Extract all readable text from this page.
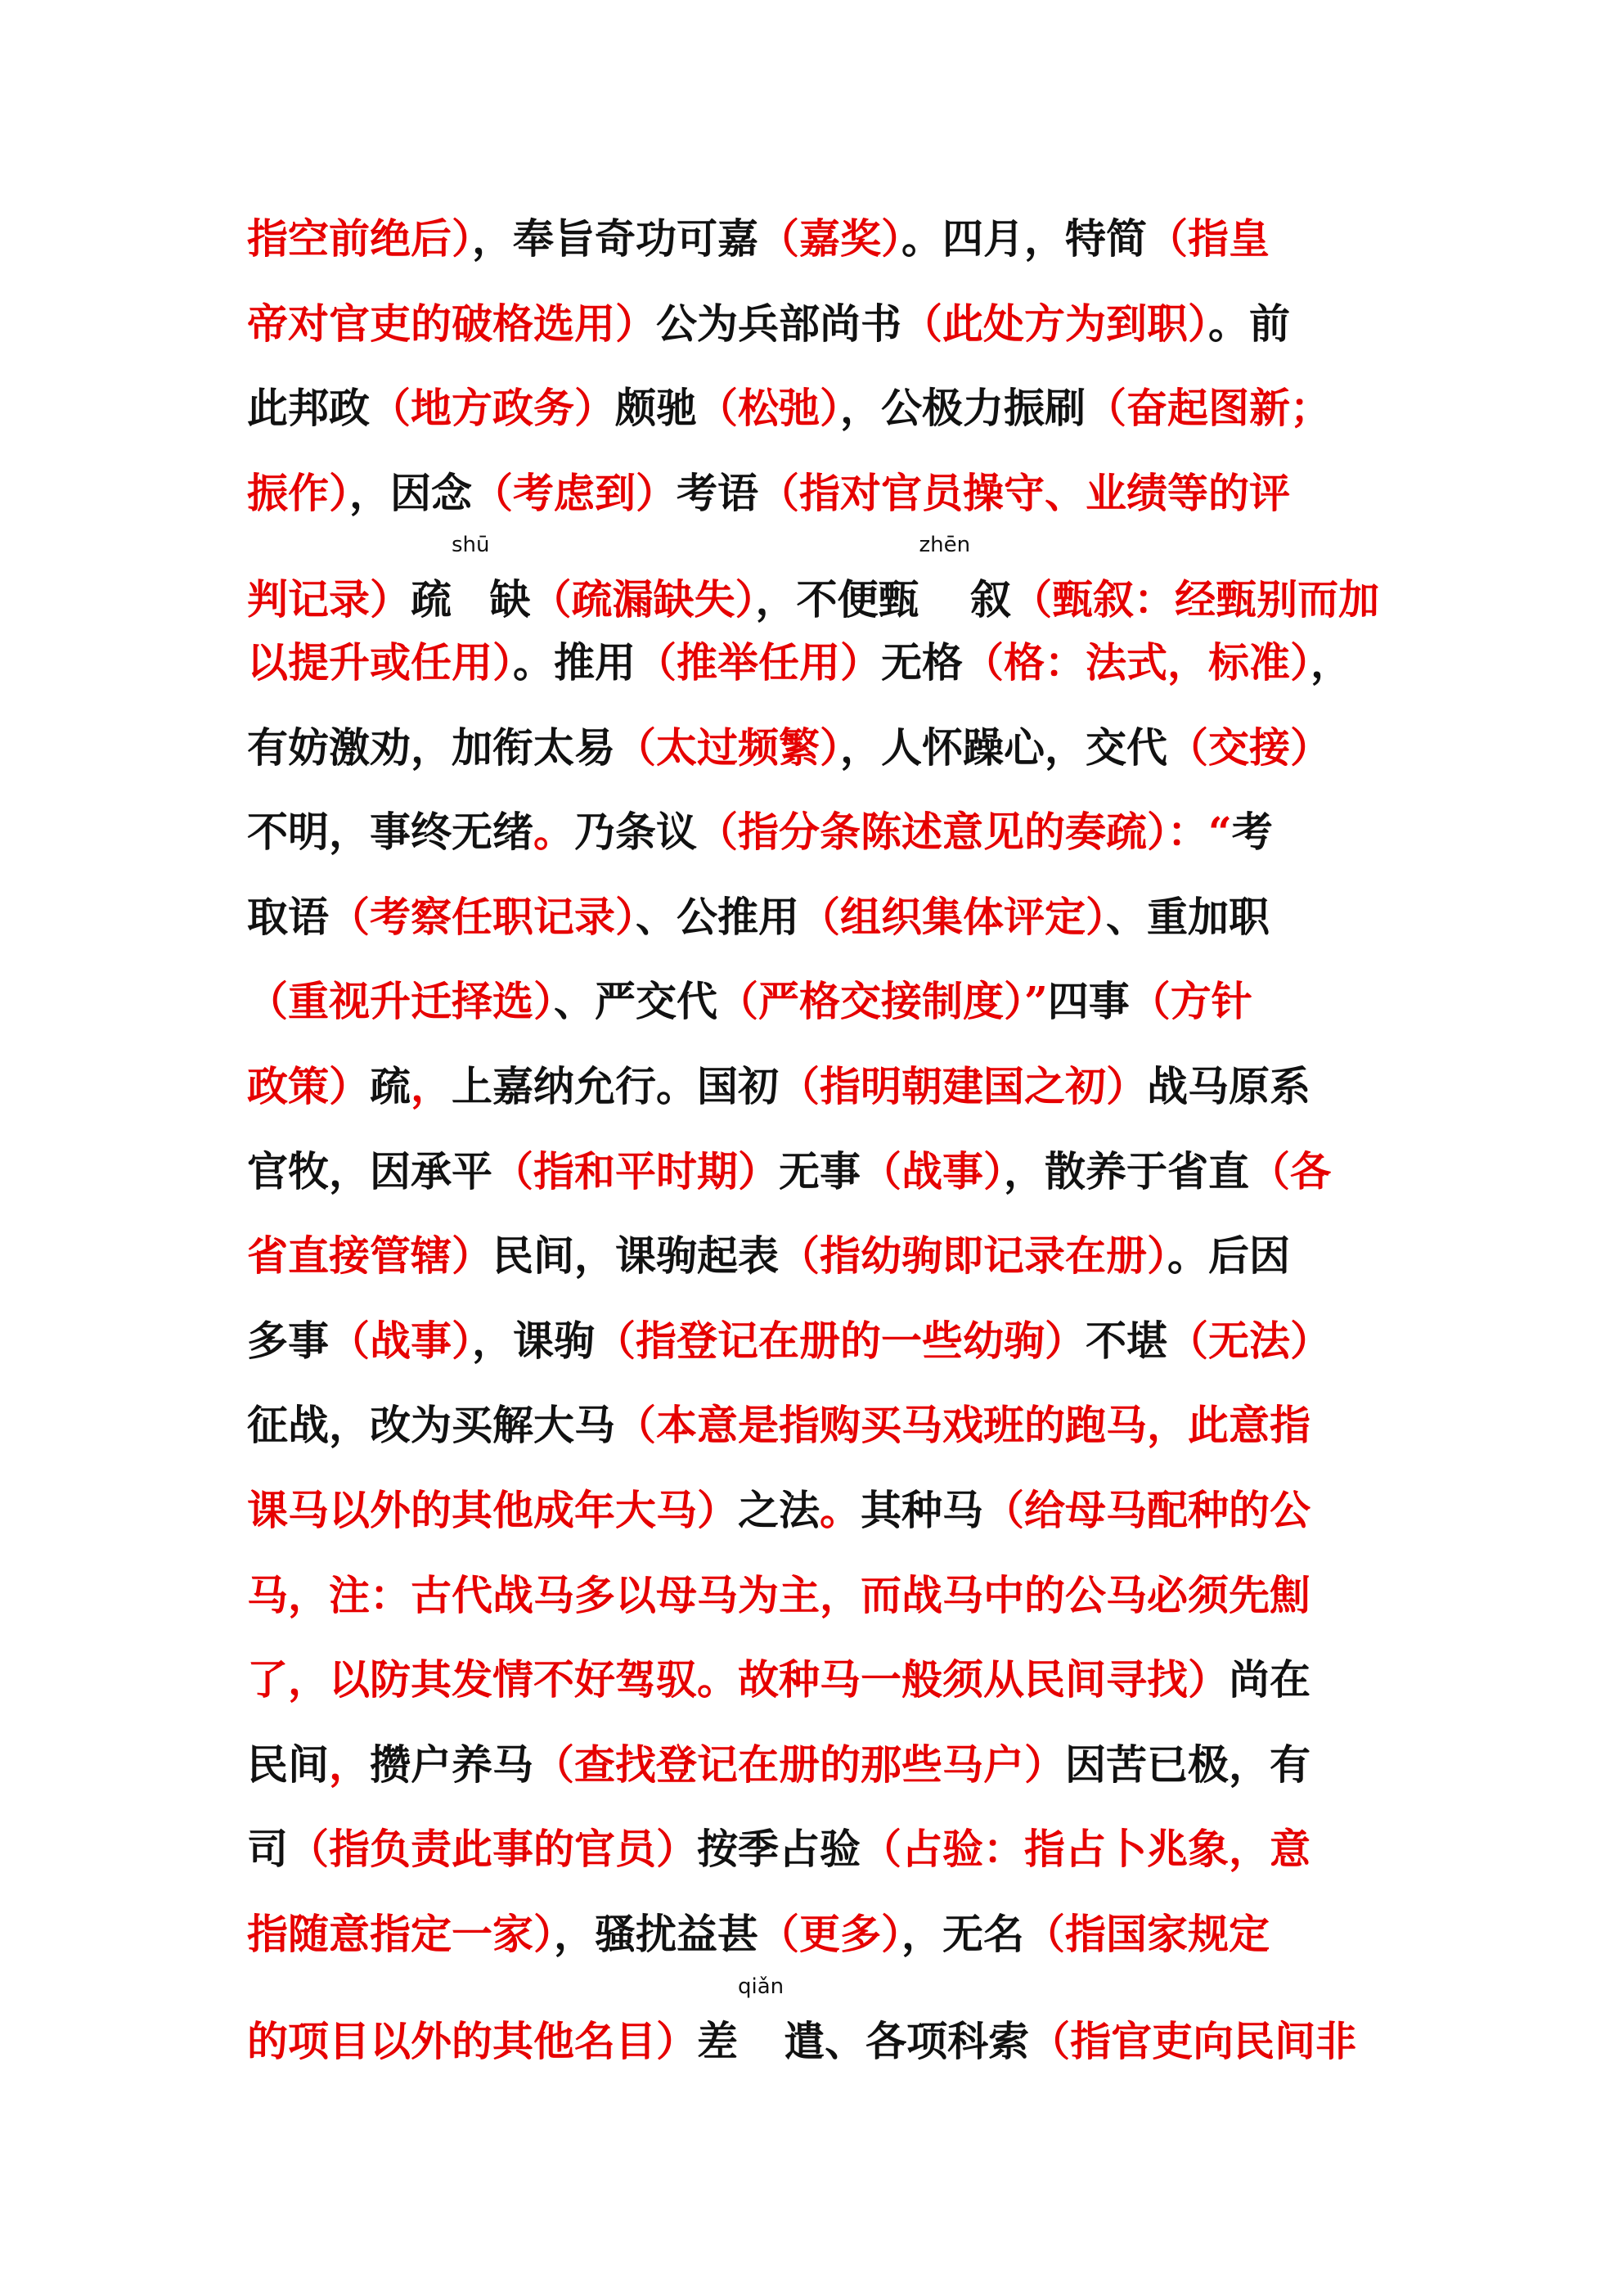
指空前绝后），奉旨奇功可嘉（嘉奖）。四月，特简（指皇
帝对官吏的破格选用）公为兵部尚书（此处方为到职）。前
此邦政（地方政务）颇驰（松弛），公极力振刷（奋起图新；
振作），因念（考虑到）考语（指对官员操守、业绩等的评
判记录）疏shū缺（疏漏缺失），不便甄zhēn叙（甄叙：经甄别而加
以提升或任用）。推用（推举任用）无格（格：法式，标准），
有妨激劝，加衔太易（太过频繁），人怀躁心，交代（交接）
不明，事终无绪。乃条议（指分条陈述意见的奏疏）：“考
取语（考察任职记录）、公推用（组织集体评定）、重加职
（重视升迁择选）、严交代（严格交接制度）”四事（方针
政策）疏，上嘉纳允行。国初（指明朝建国之初）战马原系
官牧，因承平（指和平时期）无事（战事），散养于省直（各
省直接管辖）民间，课驹起表（指幼驹即记录在册）。后因
多事（战事），课驹（指登记在册的一些幼驹）不堪（无法）
征战，改为买解大马（本意是指购买马戏班的跑马，此意指
课马以外的其他成年大马）之法。其种马（给母马配种的公
马，注：古代战马多以母马为主，而战马中的公马必须先劁
了，以防其发情不好驾驭。故种马一般须从民间寻找）尚在
民间，攒户养马（查找登记在册的那些马户）因苦已极，有
司（指负责此事的官员）按季占验（占验：指占卜兆象，意
指随意指定一家），骚扰益甚（更多），无名（指国家规定
的项目以外的其他名目）差qiǎn遣、各项科索（指官吏向民间非
